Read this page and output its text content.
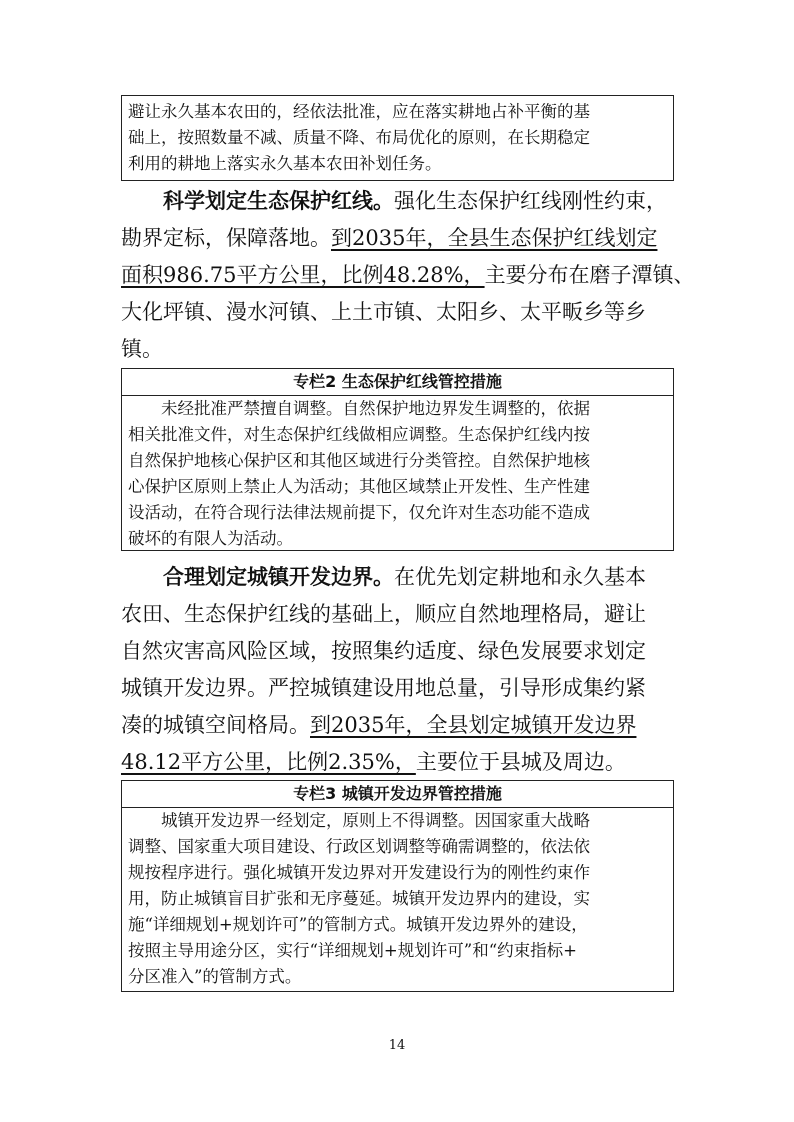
避让永久基本农田的，经依法批准，应在落实耕地占补平衡的基
础上，按照数量不减、质量不降、布局优化的原则，在长期稳定
利用的耕地上落实永久基本农田补划任务。
科学划定生态保护红线。强化生态保护红线刚性约束，
勘界定标，保障落地。到2035年，全县生态保护红线划定
面积986.75平方公里，比例48.28%，主要分布在磨子潭镇、
大化坪镇、漫水河镇、上土市镇、太阳乡、太平畈乡等乡
镇。
专栏2 生态保护红线管控措施
未经批准严禁擅自调整。自然保护地边界发生调整的，依据
相关批准文件，对生态保护红线做相应调整。生态保护红线内按
自然保护地核心保护区和其他区域进行分类管控。自然保护地核
心保护区原则上禁止人为活动；其他区域禁止开发性、生产性建
设活动，在符合现行法律法规前提下，仅允许对生态功能不造成
破坏的有限人为活动。
合理划定城镇开发边界。在优先划定耕地和永久基本
农田、生态保护红线的基础上，顺应自然地理格局，避让
自然灾害高风险区域，按照集约适度、绿色发展要求划定
城镇开发边界。严控城镇建设用地总量，引导形成集约紧
凑的城镇空间格局。到2035年，全县划定城镇开发边界
48.12平方公里，比例2.35%，主要位于县城及周边。
专栏3 城镇开发边界管控措施
城镇开发边界一经划定，原则上不得调整。因国家重大战略
调整、国家重大项目建设、行政区划调整等确需调整的，依法依
规按程序进行。强化城镇开发边界对开发建设行为的刚性约束作
用，防止城镇盲目扩张和无序蔓延。城镇开发边界内的建设，实
施“详细规划+规划许可”的管制方式。城镇开发边界外的建设，
按照主导用途分区，实行“详细规划+规划许可”和“约束指标+
分区准入”的管制方式。
14
